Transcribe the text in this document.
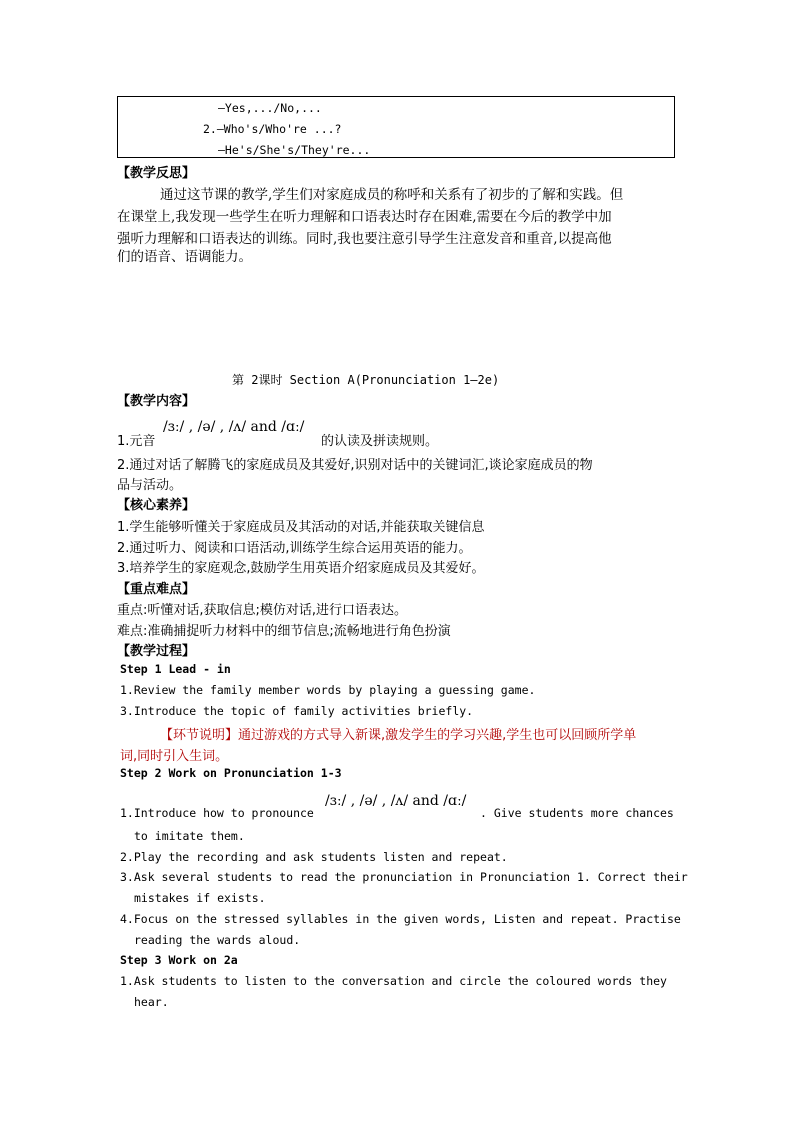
—Yes,.../No,...
2.—Who's/Who're ...?
—He's/She's/They're...
【教学反思】
通过这节课的教学,学生们对家庭成员的称呼和关系有了初步的了解和实践。但
在课堂上,我发现一些学生在听力理解和口语表达时存在困难,需要在今后的教学中加
强听力理解和口语表达的训练。同时,我也要注意引导学生注意发音和重音,以提高他
们的语音、语调能力。
第 2课时 Section A(Pronunciation 1—2e)
【教学内容】
1.元音
/ɜː/ , /ə/ , /ʌ/ and /ɑː/
的认读及拼读规则。
2.通过对话了解腾飞的家庭成员及其爱好,识别对话中的关键词汇,谈论家庭成员的物
品与活动。
【核心素养】
1.学生能够听懂关于家庭成员及其活动的对话,并能获取关键信息
2.通过听力、阅读和口语活动,训练学生综合运用英语的能力。
3.培养学生的家庭观念,鼓励学生用英语介绍家庭成员及其爱好。
【重点难点】
重点:听懂对话,获取信息;模仿对话,进行口语表达。
难点:准确捕捉听力材料中的细节信息;流畅地进行角色扮演
【教学过程】
Step 1 Lead - in
1.Review the family member words by playing a guessing game.
3.Introduce the topic of family activities briefly.
【环节说明】通过游戏的方式导入新课,激发学生的学习兴趣,学生也可以回顾所学单
词,同时引入生词。
Step 2 Work on Pronunciation 1-3
1.Introduce how to pronounce
/ɜː/ , /ə/ , /ʌ/ and /ɑː/
. Give students more chances
to imitate them.
2.Play the recording and ask students listen and repeat.
3.Ask several students to read the pronunciation in Pronunciation 1. Correct their
mistakes if exists.
4.Focus on the stressed syllables in the given words, Listen and repeat. Practise
reading the wards aloud.
Step 3 Work on 2a
1.Ask students to listen to the conversation and circle the coloured words they
hear.
